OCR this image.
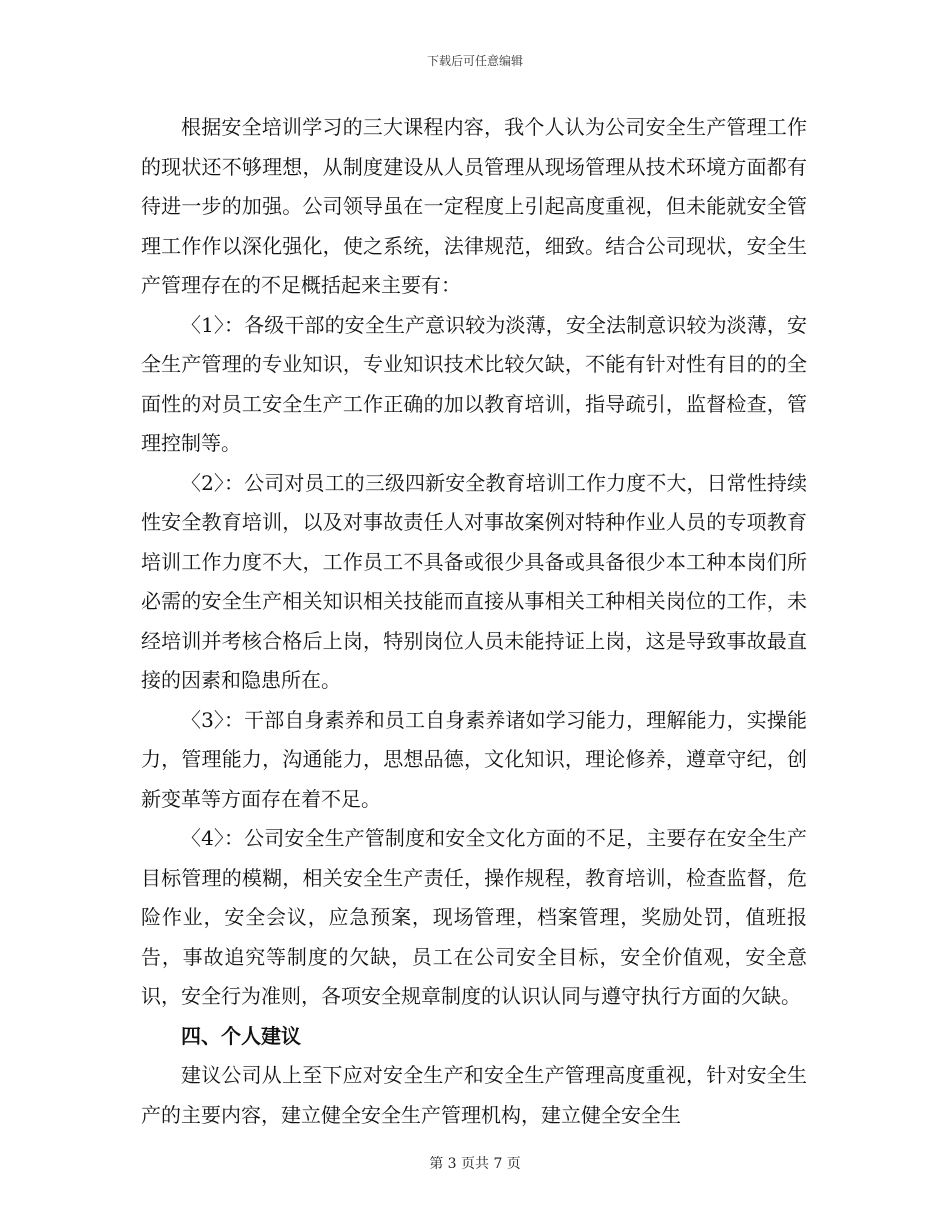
下载后可任意编辑

根据安全培训学习的三大课程内容，我个人认为公司安全生产管理工作的现状还不够理想，从制度建设从人员管理从现场管理从技术环境方面都有待进一步的加强。公司领导虽在一定程度上引起高度重视，但未能就安全管理工作作以深化强化，使之系统，法律规范，细致。结合公司现状，安全生产管理存在的不足概括起来主要有：

〈1〉：各级干部的安全生产意识较为淡薄，安全法制意识较为淡薄，安全生产管理的专业知识，专业知识技术比较欠缺，不能有针对性有目的的全面性的对员工安全生产工作正确的加以教育培训，指导疏引，监督检查，管理控制等。

〈2〉：公司对员工的三级四新安全教育培训工作力度不大，日常性持续性安全教育培训，以及对事故责任人对事故案例对特种作业人员的专项教育培训工作力度不大，工作员工不具备或很少具备或具备很少本工种本岗们所必需的安全生产相关知识相关技能而直接从事相关工种相关岗位的工作，未经培训并考核合格后上岗，特别岗位人员未能持证上岗，这是导致事故最直接的因素和隐患所在。

〈3〉：干部自身素养和员工自身素养诸如学习能力，理解能力，实操能力，管理能力，沟通能力，思想品德，文化知识，理论修养，遵章守纪，创新变革等方面存在着不足。

〈4〉：公司安全生产管制度和安全文化方面的不足，主要存在安全生产目标管理的模糊，相关安全生产责任，操作规程，教育培训，检查监督，危险作业，安全会议，应急预案，现场管理，档案管理，奖励处罚，值班报告，事故追究等制度的欠缺，员工在公司安全目标，安全价值观，安全意识，安全行为准则，各项安全规章制度的认识认同与遵守执行方面的欠缺。

四、个人建议

建议公司从上至下应对安全生产和安全生产管理高度重视，针对安全生产的主要内容，建立健全安全生产管理机构，建立健全安全生

第 3 页共 7 页
